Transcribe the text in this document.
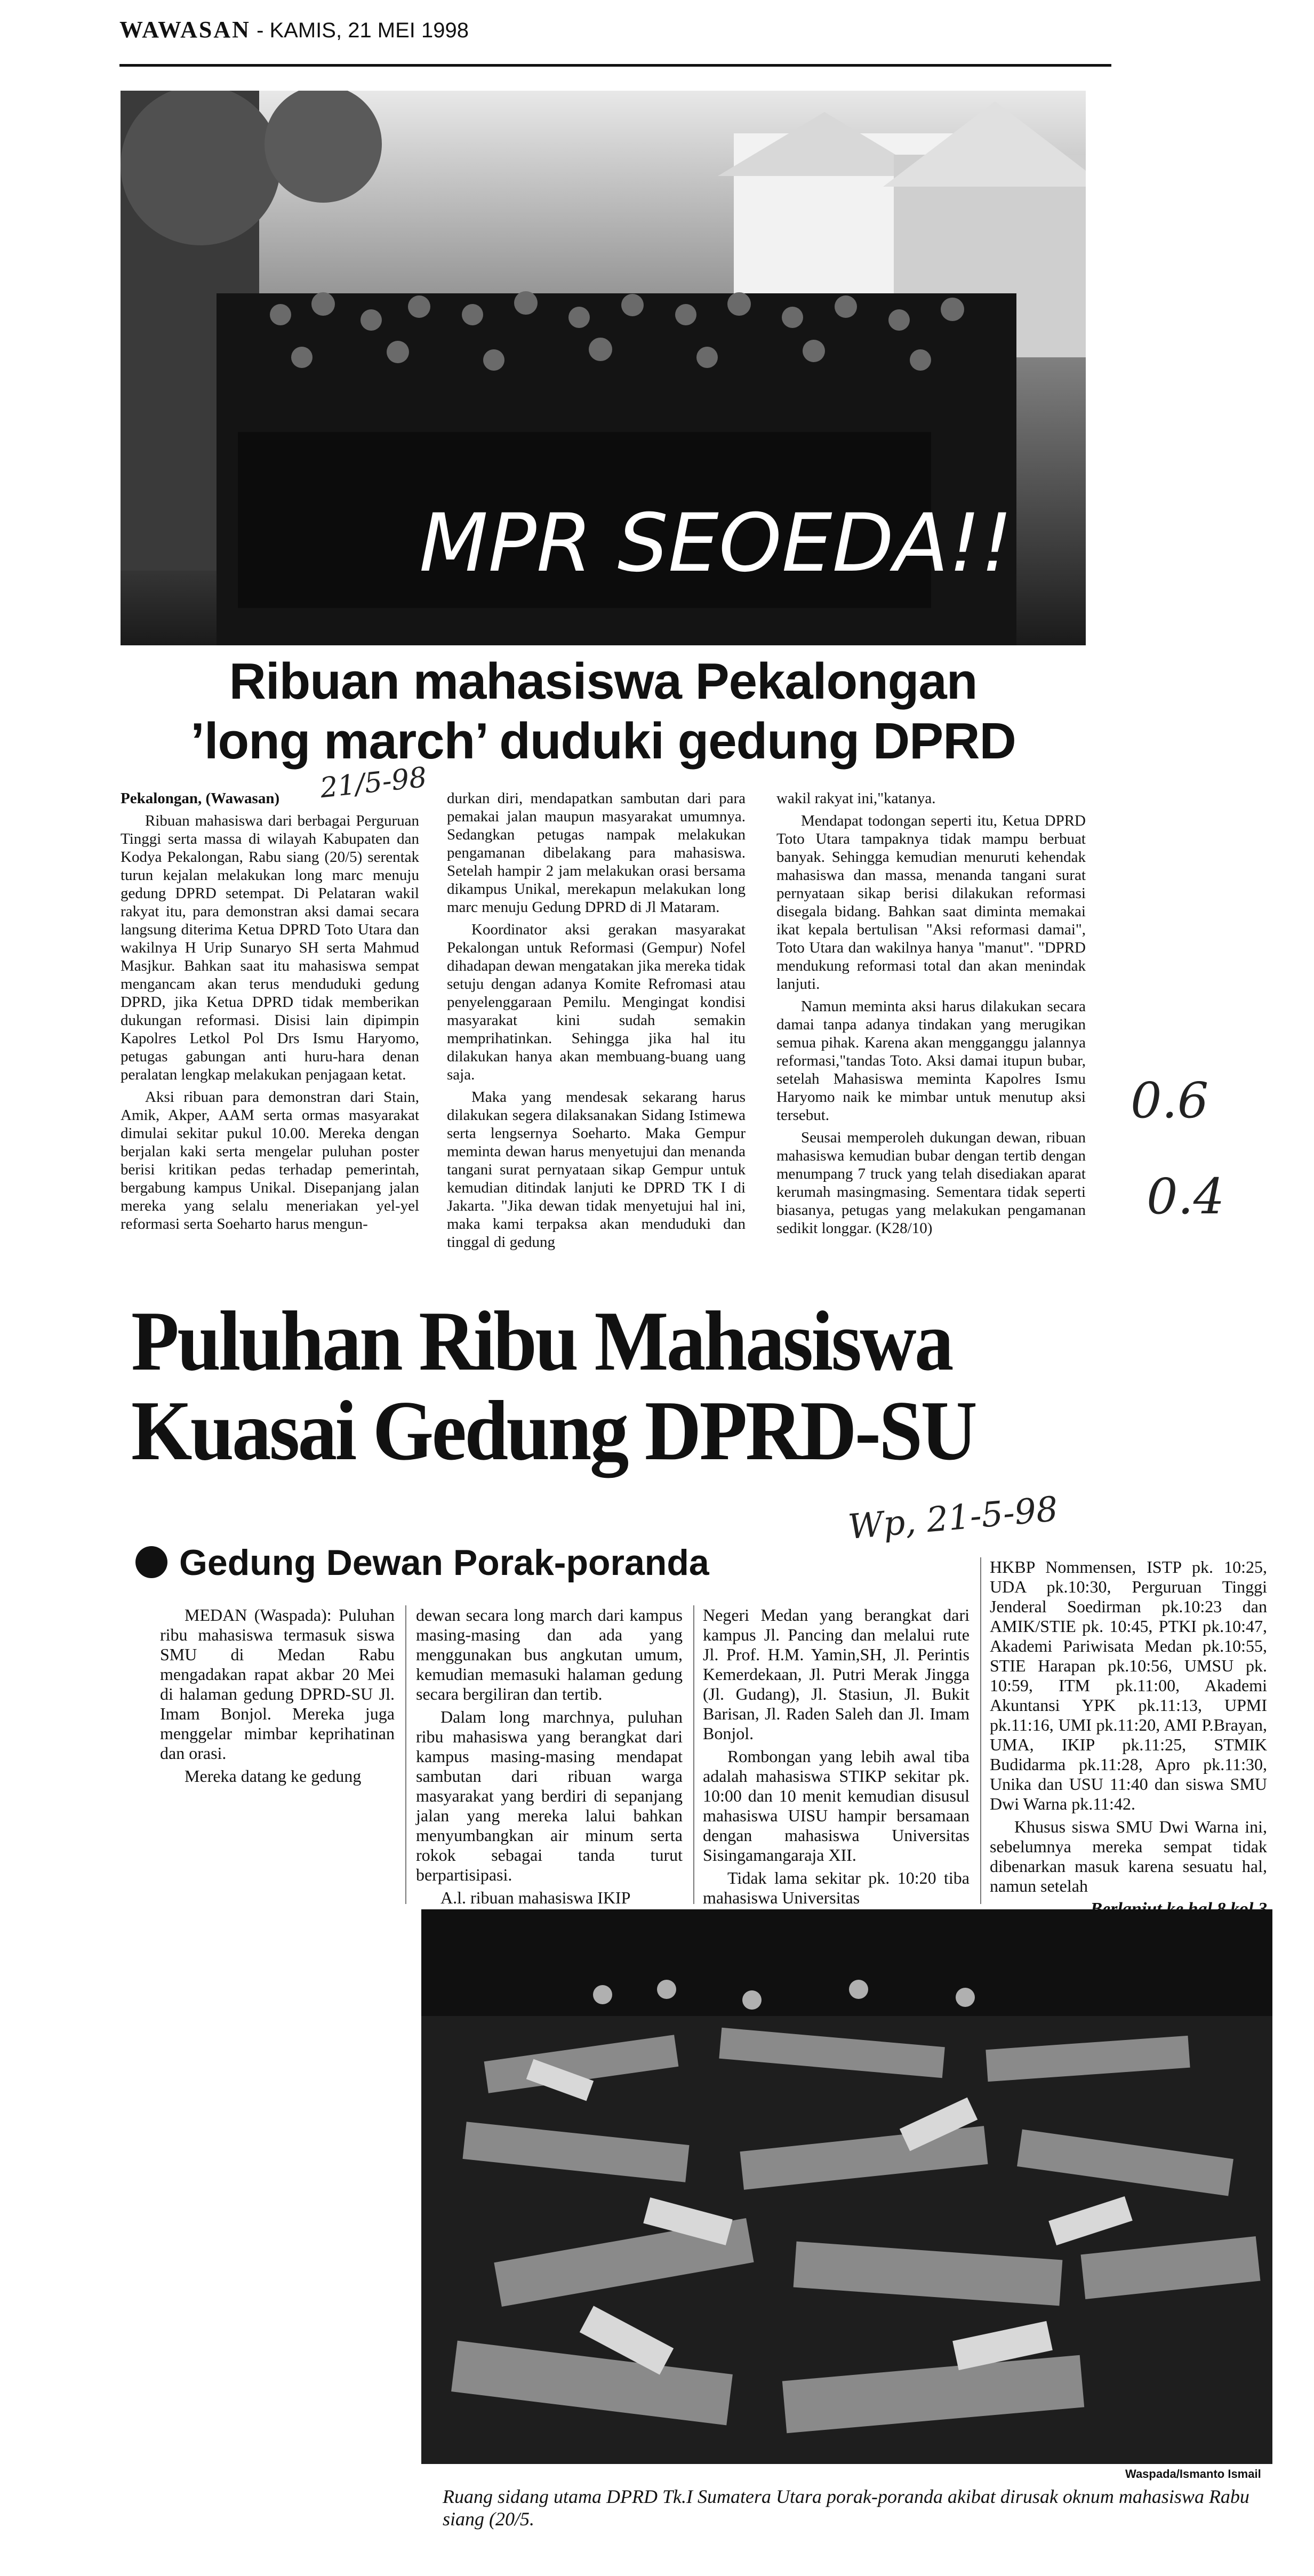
WAWASAN - KAMIS, 21 MEI 1998
MPR SEOEDA!!
Ribuan mahasiswa Pekalongan
’long march’ duduki gedung DPRD
21/5-98

Pekalongan, (Wawasan)

Ribuan mahasiswa dari berbagai Perguruan Tinggi serta massa di wilayah Kabupaten dan Kodya Pekalongan, Rabu siang (20/5) serentak turun kejalan melakukan long marc menuju gedung DPRD setempat. Di Pelataran wakil rakyat itu, para demonstran aksi damai secara langsung diterima Ketua DPRD Toto Utara dan wakilnya H Urip Sunaryo SH serta Mahmud Masjkur. Bahkan saat itu mahasiswa sempat mengancam akan terus menduduki gedung DPRD, jika Ketua DPRD tidak memberikan dukungan reformasi. Disisi lain dipimpin Kapolres Letkol Pol Drs Ismu Haryomo, petugas gabungan anti huru-hara denan peralatan lengkap melakukan penjagaan ketat.

Aksi ribuan para demonstran dari Stain, Amik, Akper, AAM serta ormas masyarakat dimulai sekitar pukul 10.00. Mereka dengan berjalan kaki serta mengelar puluhan poster berisi kritikan pedas terhadap pemerintah, bergabung kampus Unikal. Disepanjang jalan mereka yang selalu meneriakan yel-yel reformasi serta Soeharto harus mengun-

durkan diri, mendapatkan sambutan dari para pemakai jalan maupun masyarakat umumnya. Sedangkan petugas nampak melakukan pengamanan dibelakang para mahasiswa. Setelah hampir 2 jam melakukan orasi bersama dikampus Unikal, merekapun melakukan long marc menuju Gedung DPRD di Jl Mataram.

Koordinator aksi gerakan masyarakat Pekalongan untuk Reformasi (Gempur) Nofel dihadapan dewan mengatakan jika mereka tidak setuju dengan adanya Komite Refromasi atau penyelenggaraan Pemilu. Mengingat kondisi masyarakat kini sudah semakin memprihatinkan. Sehingga jika hal itu dilakukan hanya akan membuang-buang uang saja.

Maka yang mendesak sekarang harus dilakukan segera dilaksanakan Sidang Istimewa serta lengsernya Soeharto. Maka Gempur meminta dewan harus menyetujui dan menanda tangani surat pernyataan sikap Gempur untuk kemudian ditindak lanjuti ke DPRD TK I di Jakarta. "Jika dewan tidak menyetujui hal ini, maka kami terpaksa akan menduduki dan tinggal di gedung

wakil rakyat ini,"katanya.

Mendapat todongan seperti itu, Ketua DPRD Toto Utara tampaknya tidak mampu berbuat banyak. Sehingga kemudian menuruti kehendak mahasiswa dan massa, menanda tangani surat pernyataan sikap berisi dilakukan reformasi disegala bidang. Bahkan saat diminta memakai ikat kepala bertulisan "Aksi reformasi damai", Toto Utara dan wakilnya hanya "manut". "DPRD mendukung reformasi total dan akan menindak lanjuti.

Namun meminta aksi harus dilakukan secara damai tanpa adanya tindakan yang merugikan semua pihak. Karena akan mengganggu jalannya reformasi,"tandas Toto. Aksi damai itupun bubar, setelah Mahasiswa meminta Kapolres Ismu Haryomo naik ke mimbar untuk menutup aksi tersebut.

Seusai memperoleh dukungan dewan, ribuan mahasiswa kemudian bubar dengan tertib dengan menumpang 7 truck yang telah disediakan aparat kerumah masingmasing. Sementara tidak seperti biasanya, petugas yang melakukan pengamanan sedikit longgar. (K28/10)

0.6
0.4
Puluhan Ribu Mahasiswa
Kuasai Gedung DPRD-SU
Wp, 21-5-98
Gedung Dewan Porak-poranda

MEDAN (Waspada): Puluhan ribu mahasiswa termasuk siswa SMU di Medan Rabu mengadakan rapat akbar 20 Mei di halaman gedung DPRD-SU Jl. Imam Bonjol. Mereka juga menggelar mimbar keprihatinan dan orasi.

Mereka datang ke gedung

dewan secara long march dari kampus masing-masing dan ada yang menggunakan bus angkutan umum, kemudian memasuki halaman gedung secara bergiliran dan tertib.

Dalam long marchnya, puluhan ribu mahasiswa yang berangkat dari kampus masing-masing mendapat sambutan dari ribuan warga masyarakat yang berdiri di sepanjang jalan yang mereka lalui bahkan menyumbangkan air minum serta rokok sebagai tanda turut berpartisipasi.

A.l. ribuan mahasiswa IKIP

Negeri Medan yang berangkat dari kampus Jl. Pancing dan melalui rute Jl. Prof. H.M. Yamin,SH, Jl. Perintis Kemerdekaan, Jl. Putri Merak Jingga (Jl. Gudang), Jl. Stasiun, Jl. Bukit Barisan, Jl. Raden Saleh dan Jl. Imam Bonjol.

Rombongan yang lebih awal tiba adalah mahasiswa STIKP sekitar pk. 10:00 dan 10 menit kemudian disusul mahasiswa UISU hampir bersamaan dengan mahasiswa Universitas Sisingamangaraja XII.

Tidak lama sekitar pk. 10:20 tiba mahasiswa Universitas

HKBP Nommensen, ISTP pk. 10:25, UDA pk.10:30, Perguruan Tinggi Jenderal Soedirman pk.10:23 dan AMIK/STIE pk. 10:45, PTKI pk.10:47, Akademi Pariwisata Medan pk.10:55, STIE Harapan pk.10:56, UMSU pk. 10:59, ITM pk.11:00, Akademi Akuntansi YPK pk.11:13, UPMI pk.11:16, UMI pk.11:20, AMI P.Brayan, UMA, IKIP pk.11:25, STMIK Budidarma pk.11:28, Apro pk.11:30, Unika dan USU 11:40 dan siswa SMU Dwi Warna pk.11:42.

Khusus siswa SMU Dwi Warna ini, sebelumnya mereka sempat tidak dibenarkan masuk karena sesuatu hal, namun setelah

Waspada/Ismanto Ismail
Ruang sidang utama DPRD Tk.I Sumatera Utara porak-poranda akibat dirusak oknum mahasiswa Rabu siang (20/5.
